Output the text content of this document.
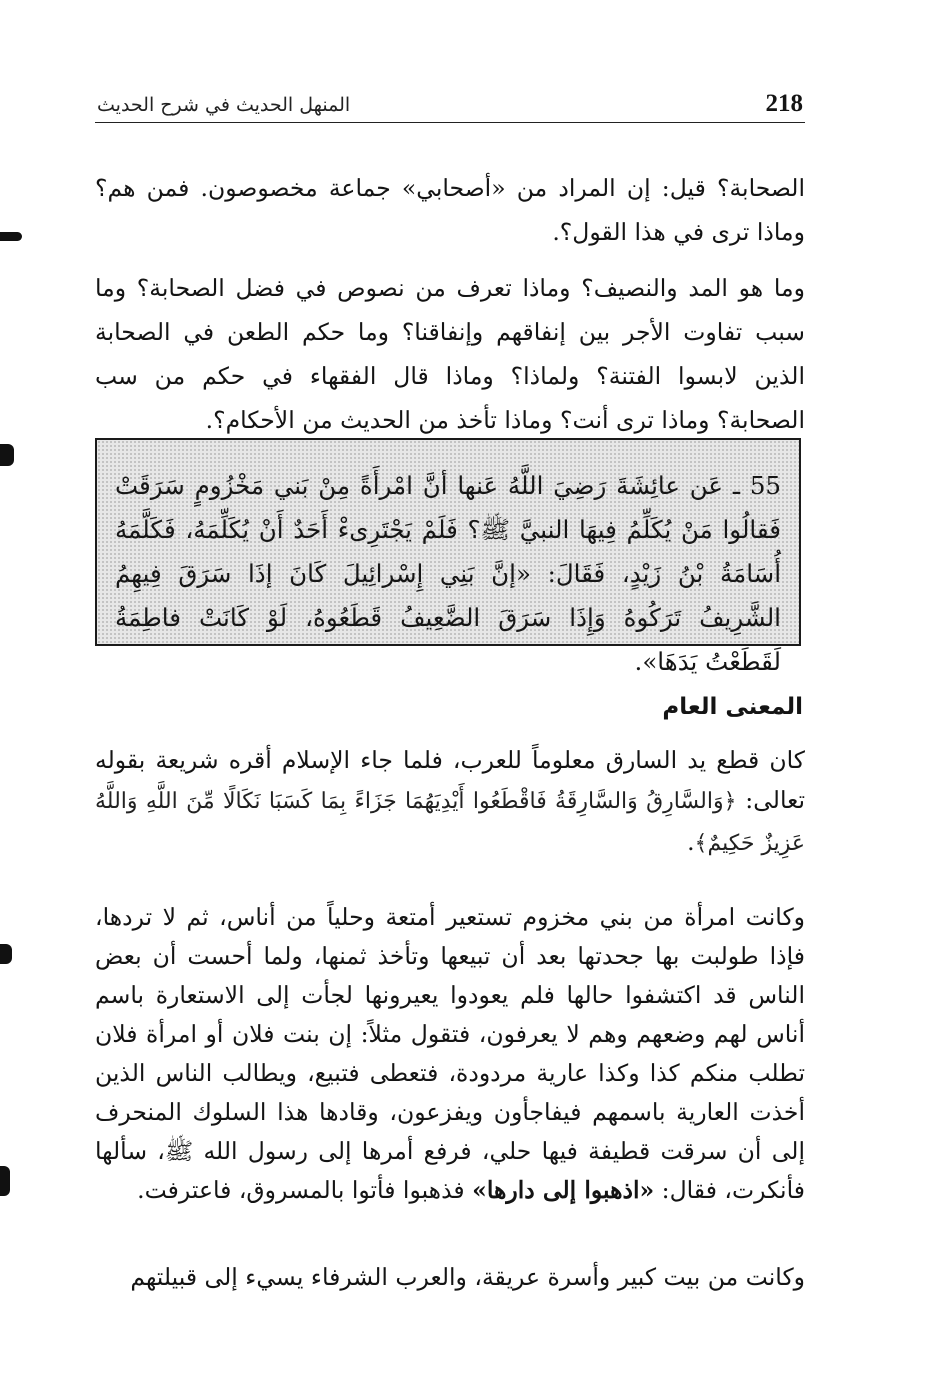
218
المنهل الحديث في شرح الحديث
الصحابة؟ قيل: إن المراد من «أصحابي» جماعة مخصوصون. فمن هم؟ وماذا ترى في هذا القول؟.
وما هو المد والنصيف؟ وماذا تعرف من نصوص في فضل الصحابة؟ وما سبب تفاوت الأجر بين إنفاقهم وإنفاقنا؟ وما حكم الطعن في الصحابة الذين لابسوا الفتنة؟ ولماذا؟ وماذا قال الفقهاء في حكم من سب الصحابة؟ وماذا ترى أنت؟ وماذا تأخذ من الحديث من الأحكام؟.
55 ـ عَن عائِشَةَ رَضِيَ اللَّهُ عَنها أنَّ امْرأَةً مِنْ بَني مَخْزُومٍ سَرَقَتْ فَقالُوا مَنْ يُكَلِّمُ فِيهَا النبيَّ ﷺ؟ فَلَمْ يَجْتَرِىءْ أَحَدٌ أَنْ يُكَلِّمَهُ، فَكَلَّمَهُ أُسَامَةُ بْنُ زَيْدٍ، فَقَالَ: «إنَّ بَنِي إِسْرائِيلَ كَانَ إذَا سَرَقَ فِيهِمُ الشَّرِيفُ تَرَكُوهُ وَإِذَا سَرَقَ الضَّعِيفُ قَطَعُوهُ، لَوْ كَانَتْ فاطِمَةُ لَقَطَعْتُ يَدَهَا».
المعنى العام
كان قطع يد السارق معلوماً للعرب، فلما جاء الإسلام أقره شريعة بقوله تعالى: ﴿وَالسَّارِقُ وَالسَّارِقَةُ فَاقْطَعُوا أَيْدِيَهُمَا جَزَاءً بِمَا كَسَبَا نَكَالًا مِّنَ اللَّهِ وَاللَّهُ عَزِيزٌ حَكِيمٌ﴾.
وكانت امرأة من بني مخزوم تستعير أمتعة وحلياً من أناس، ثم لا تردها، فإذا طولبت بها جحدتها بعد أن تبيعها وتأخذ ثمنها، ولما أحست أن بعض الناس قد اكتشفوا حالها فلم يعودوا يعيرونها لجأت إلى الاستعارة باسم أناس لهم وضعهم وهم لا يعرفون، فتقول مثلاً: إن بنت فلان أو امرأة فلان تطلب منكم كذا وكذا عارية مردودة، فتعطى فتبيع، ويطالب الناس الذين أخذت العارية باسمهم فيفاجأون ويفزعون، وقادها هذا السلوك المنحرف إلى أن سرقت قطيفة فيها حلي، فرفع أمرها إلى رسول الله ﷺ، سألها فأنكرت، فقال: «اذهبوا إلى دارها» فذهبوا فأتوا بالمسروق، فاعترفت.
وكانت من بيت كبير وأسرة عريقة، والعرب الشرفاء يسيء إلى قبيلتهم
